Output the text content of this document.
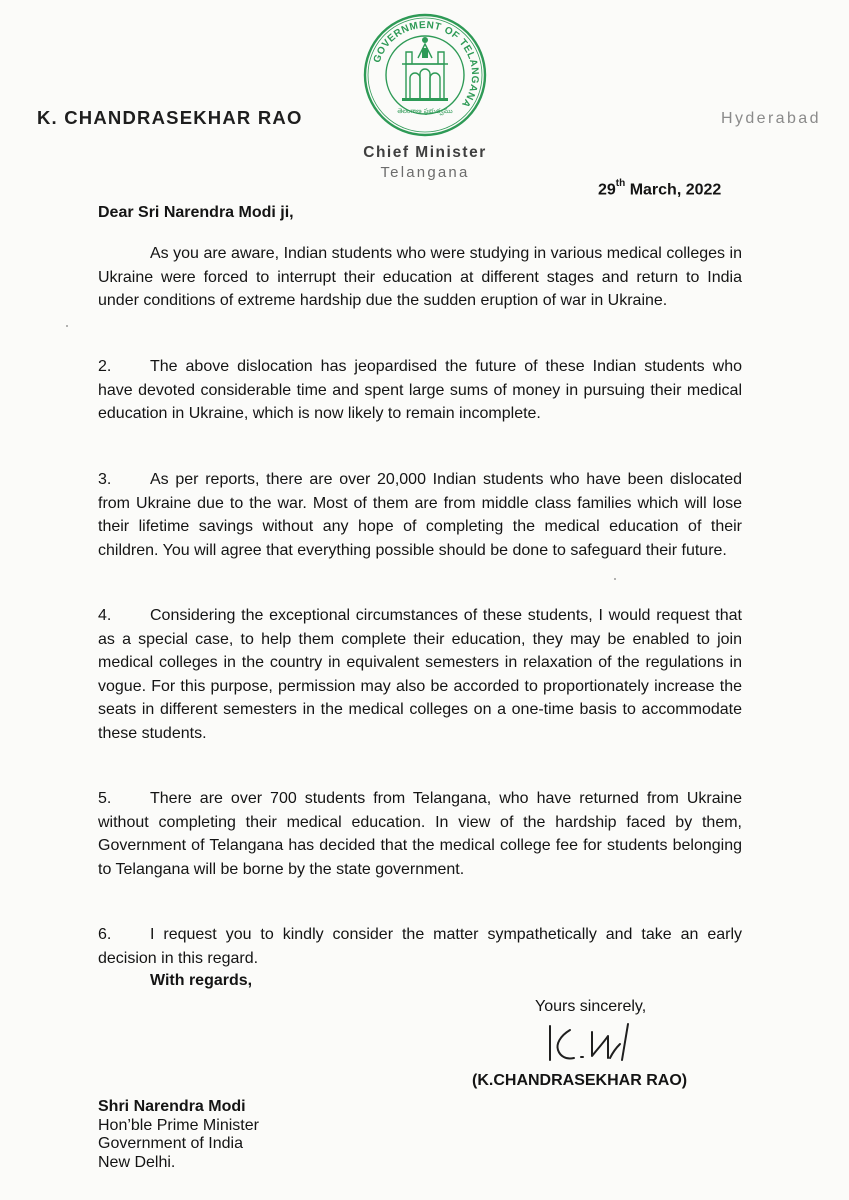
K. CHANDRASEKHAR RAO	Hyderabad
GOVERNMENT OF TELANGANA
తెలంగాణ ప్రభుత్వము
Chief Minister
Telangana
29th March, 2022
Dear Sri Narendra Modi ji,

As you are aware, Indian students who were studying in various medical colleges in Ukraine were forced to interrupt their education at different stages and return to India under conditions of extreme hardship due the sudden eruption of war in Ukraine.

2. The above dislocation has jeopardised the future of these Indian students who have devoted considerable time and spent large sums of money in pursuing their medical education in Ukraine, which is now likely to remain incomplete.

3. As per reports, there are over 20,000 Indian students who have been dislocated from Ukraine due to the war. Most of them are from middle class families which will lose their lifetime savings without any hope of completing the medical education of their children. You will agree that everything possible should be done to safeguard their future.

4. Considering the exceptional circumstances of these students, I would request that as a special case, to help them complete their education, they may be enabled to join medical colleges in the country in equivalent semesters in relaxation of the regulations in vogue. For this purpose, permission may also be accorded to proportionately increase the seats in different semesters in the medical colleges on a one-time basis to accommodate these students.

5. There are over 700 students from Telangana, who have returned from Ukraine without completing their medical education. In view of the hardship faced by them, Government of Telangana has decided that the medical college fee for students belonging to Telangana will be borne by the state government.

6. I request you to kindly consider the matter sympathetically and take an early decision in this regard.

With regards,
Yours sincerely,
(K.CHANDRASEKHAR RAO)
Shri Narendra Modi
Hon’ble Prime Minister
Government of India
New Delhi.
